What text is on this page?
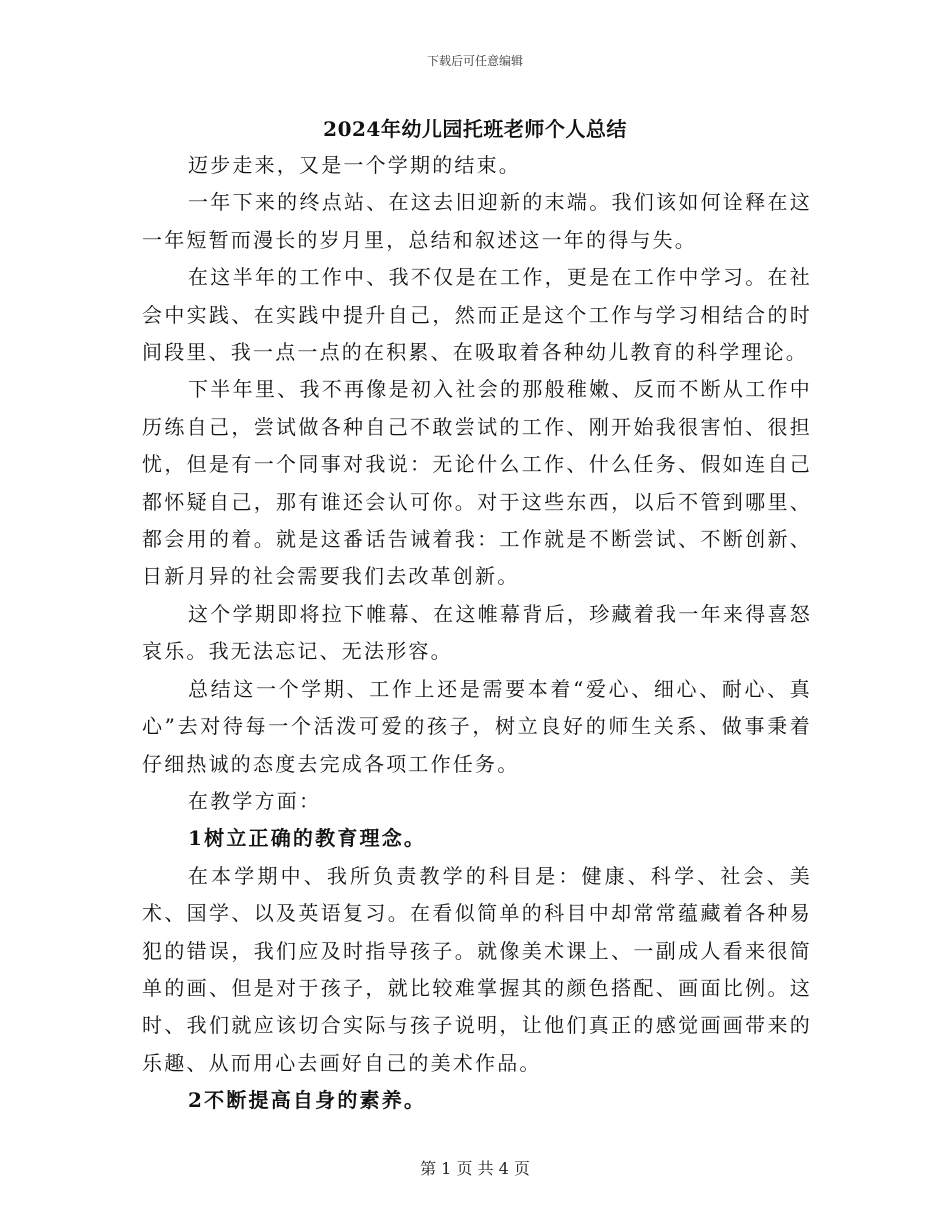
下载后可任意编辑
2024年幼儿园托班老师个人总结

迈步走来，又是一个学期的结束。

一年下来的终点站、在这去旧迎新的末端。我们该如何诠释在这一年短暂而漫长的岁月里，总结和叙述这一年的得与失。

在这半年的工作中、我不仅是在工作，更是在工作中学习。在社会中实践、在实践中提升自己，然而正是这个工作与学习相结合的时间段里、我一点一点的在积累、在吸取着各种幼儿教育的科学理论。

下半年里、我不再像是初入社会的那般稚嫩、反而不断从工作中历练自己，尝试做各种自己不敢尝试的工作、刚开始我很害怕、很担忧，但是有一个同事对我说：无论什么工作、什么任务、假如连自己都怀疑自己，那有谁还会认可你。对于这些东西，以后不管到哪里、都会用的着。就是这番话告诫着我：工作就是不断尝试、不断创新、日新月异的社会需要我们去改革创新。

这个学期即将拉下帷幕、在这帷幕背后，珍藏着我一年来得喜怒哀乐。我无法忘记、无法形容。

总结这一个学期、工作上还是需要本着“爱心、细心、耐心、真心”去对待每一个活泼可爱的孩子，树立良好的师生关系、做事秉着仔细热诚的态度去完成各项工作任务。

在教学方面：

1树立正确的教育理念。

在本学期中、我所负责教学的科目是：健康、科学、社会、美术、国学、以及英语复习。在看似简单的科目中却常常蕴藏着各种易犯的错误，我们应及时指导孩子。就像美术课上、一副成人看来很简单的画、但是对于孩子，就比较难掌握其的颜色搭配、画面比例。这时、我们就应该切合实际与孩子说明，让他们真正的感觉画画带来的乐趣、从而用心去画好自己的美术作品。

2不断提高自身的素养。

第 1 页 共 4 页
